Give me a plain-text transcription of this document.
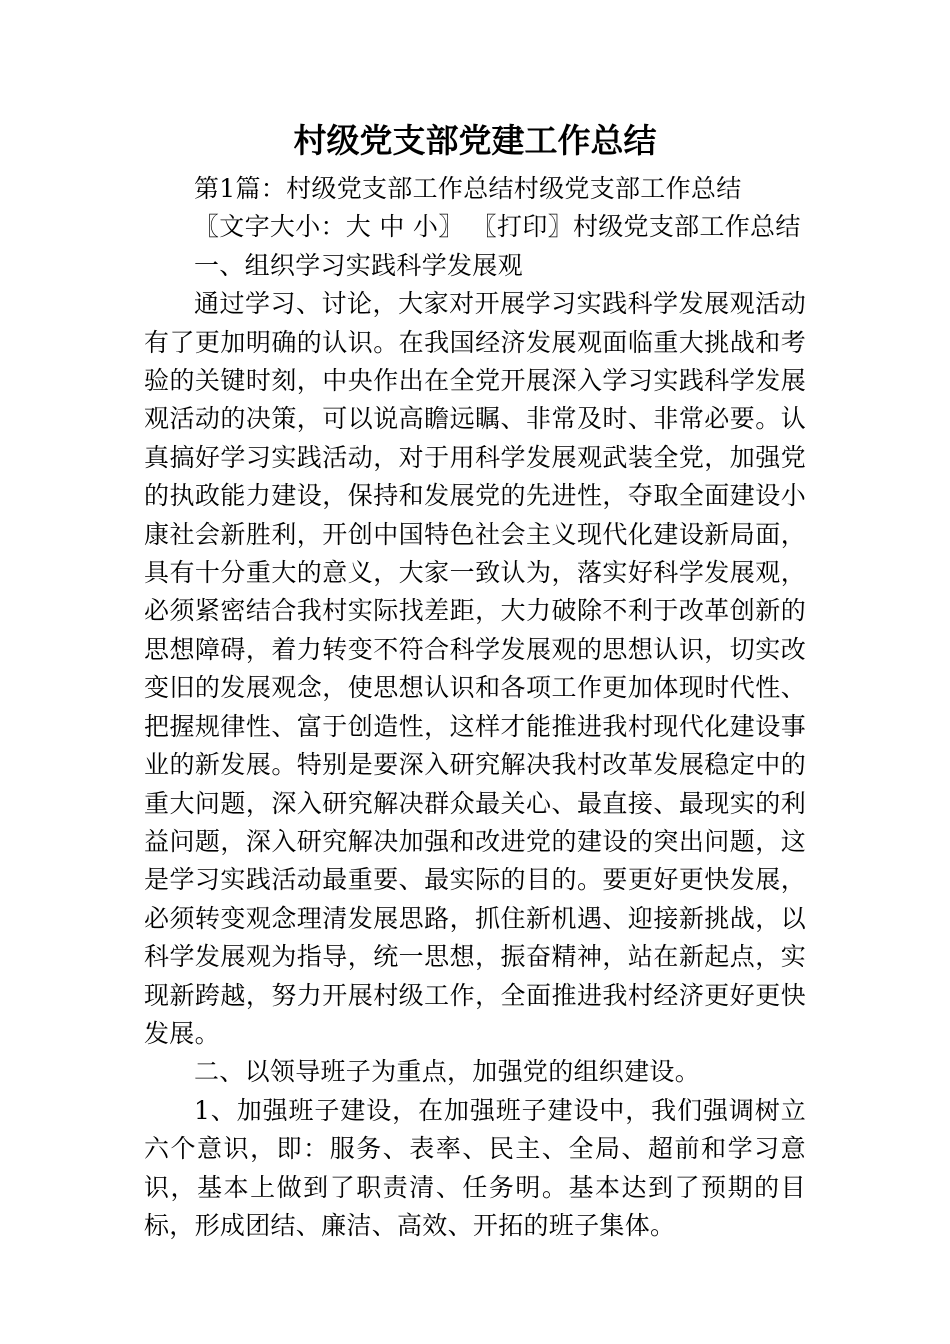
村级党支部党建工作总结

第1篇：村级党支部工作总结村级党支部工作总结

〖文字大小：大 中 小〗 〖打印〗村级党支部工作总结

一、组织学习实践科学发展观

通过学习、讨论，大家对开展学习实践科学发展观活动有了更加明确的认识。在我国经济发展观面临重大挑战和考验的关键时刻，中央作出在全党开展深入学习实践科学发展观活动的决策，可以说高瞻远瞩、非常及时、非常必要。认真搞好学习实践活动，对于用科学发展观武装全党，加强党的执政能力建设，保持和发展党的先进性，夺取全面建设小康社会新胜利，开创中国特色社会主义现代化建设新局面，具有十分重大的意义，大家一致认为，落实好科学发展观，必须紧密结合我村实际找差距，大力破除不利于改革创新的思想障碍，着力转变不符合科学发展观的思想认识，切实改变旧的发展观念，使思想认识和各项工作更加体现时代性、把握规律性、富于创造性，这样才能推进我村现代化建设事业的新发展。特别是要深入研究解决我村改革发展稳定中的重大问题，深入研究解决群众最关心、最直接、最现实的利益问题，深入研究解决加强和改进党的建设的突出问题，这是学习实践活动最重要、最实际的目的。要更好更快发展，必须转变观念理清发展思路，抓住新机遇、迎接新挑战，以科学发展观为指导，统一思想，振奋精神，站在新起点，实现新跨越，努力开展村级工作，全面推进我村经济更好更快发展。

二、以领导班子为重点，加强党的组织建设。

1、加强班子建设，在加强班子建设中，我们强调树立六个意识，即：服务、表率、民主、全局、超前和学习意识，基本上做到了职责清、任务明。基本达到了预期的目标，形成团结、廉洁、高效、开拓的班子集体。
